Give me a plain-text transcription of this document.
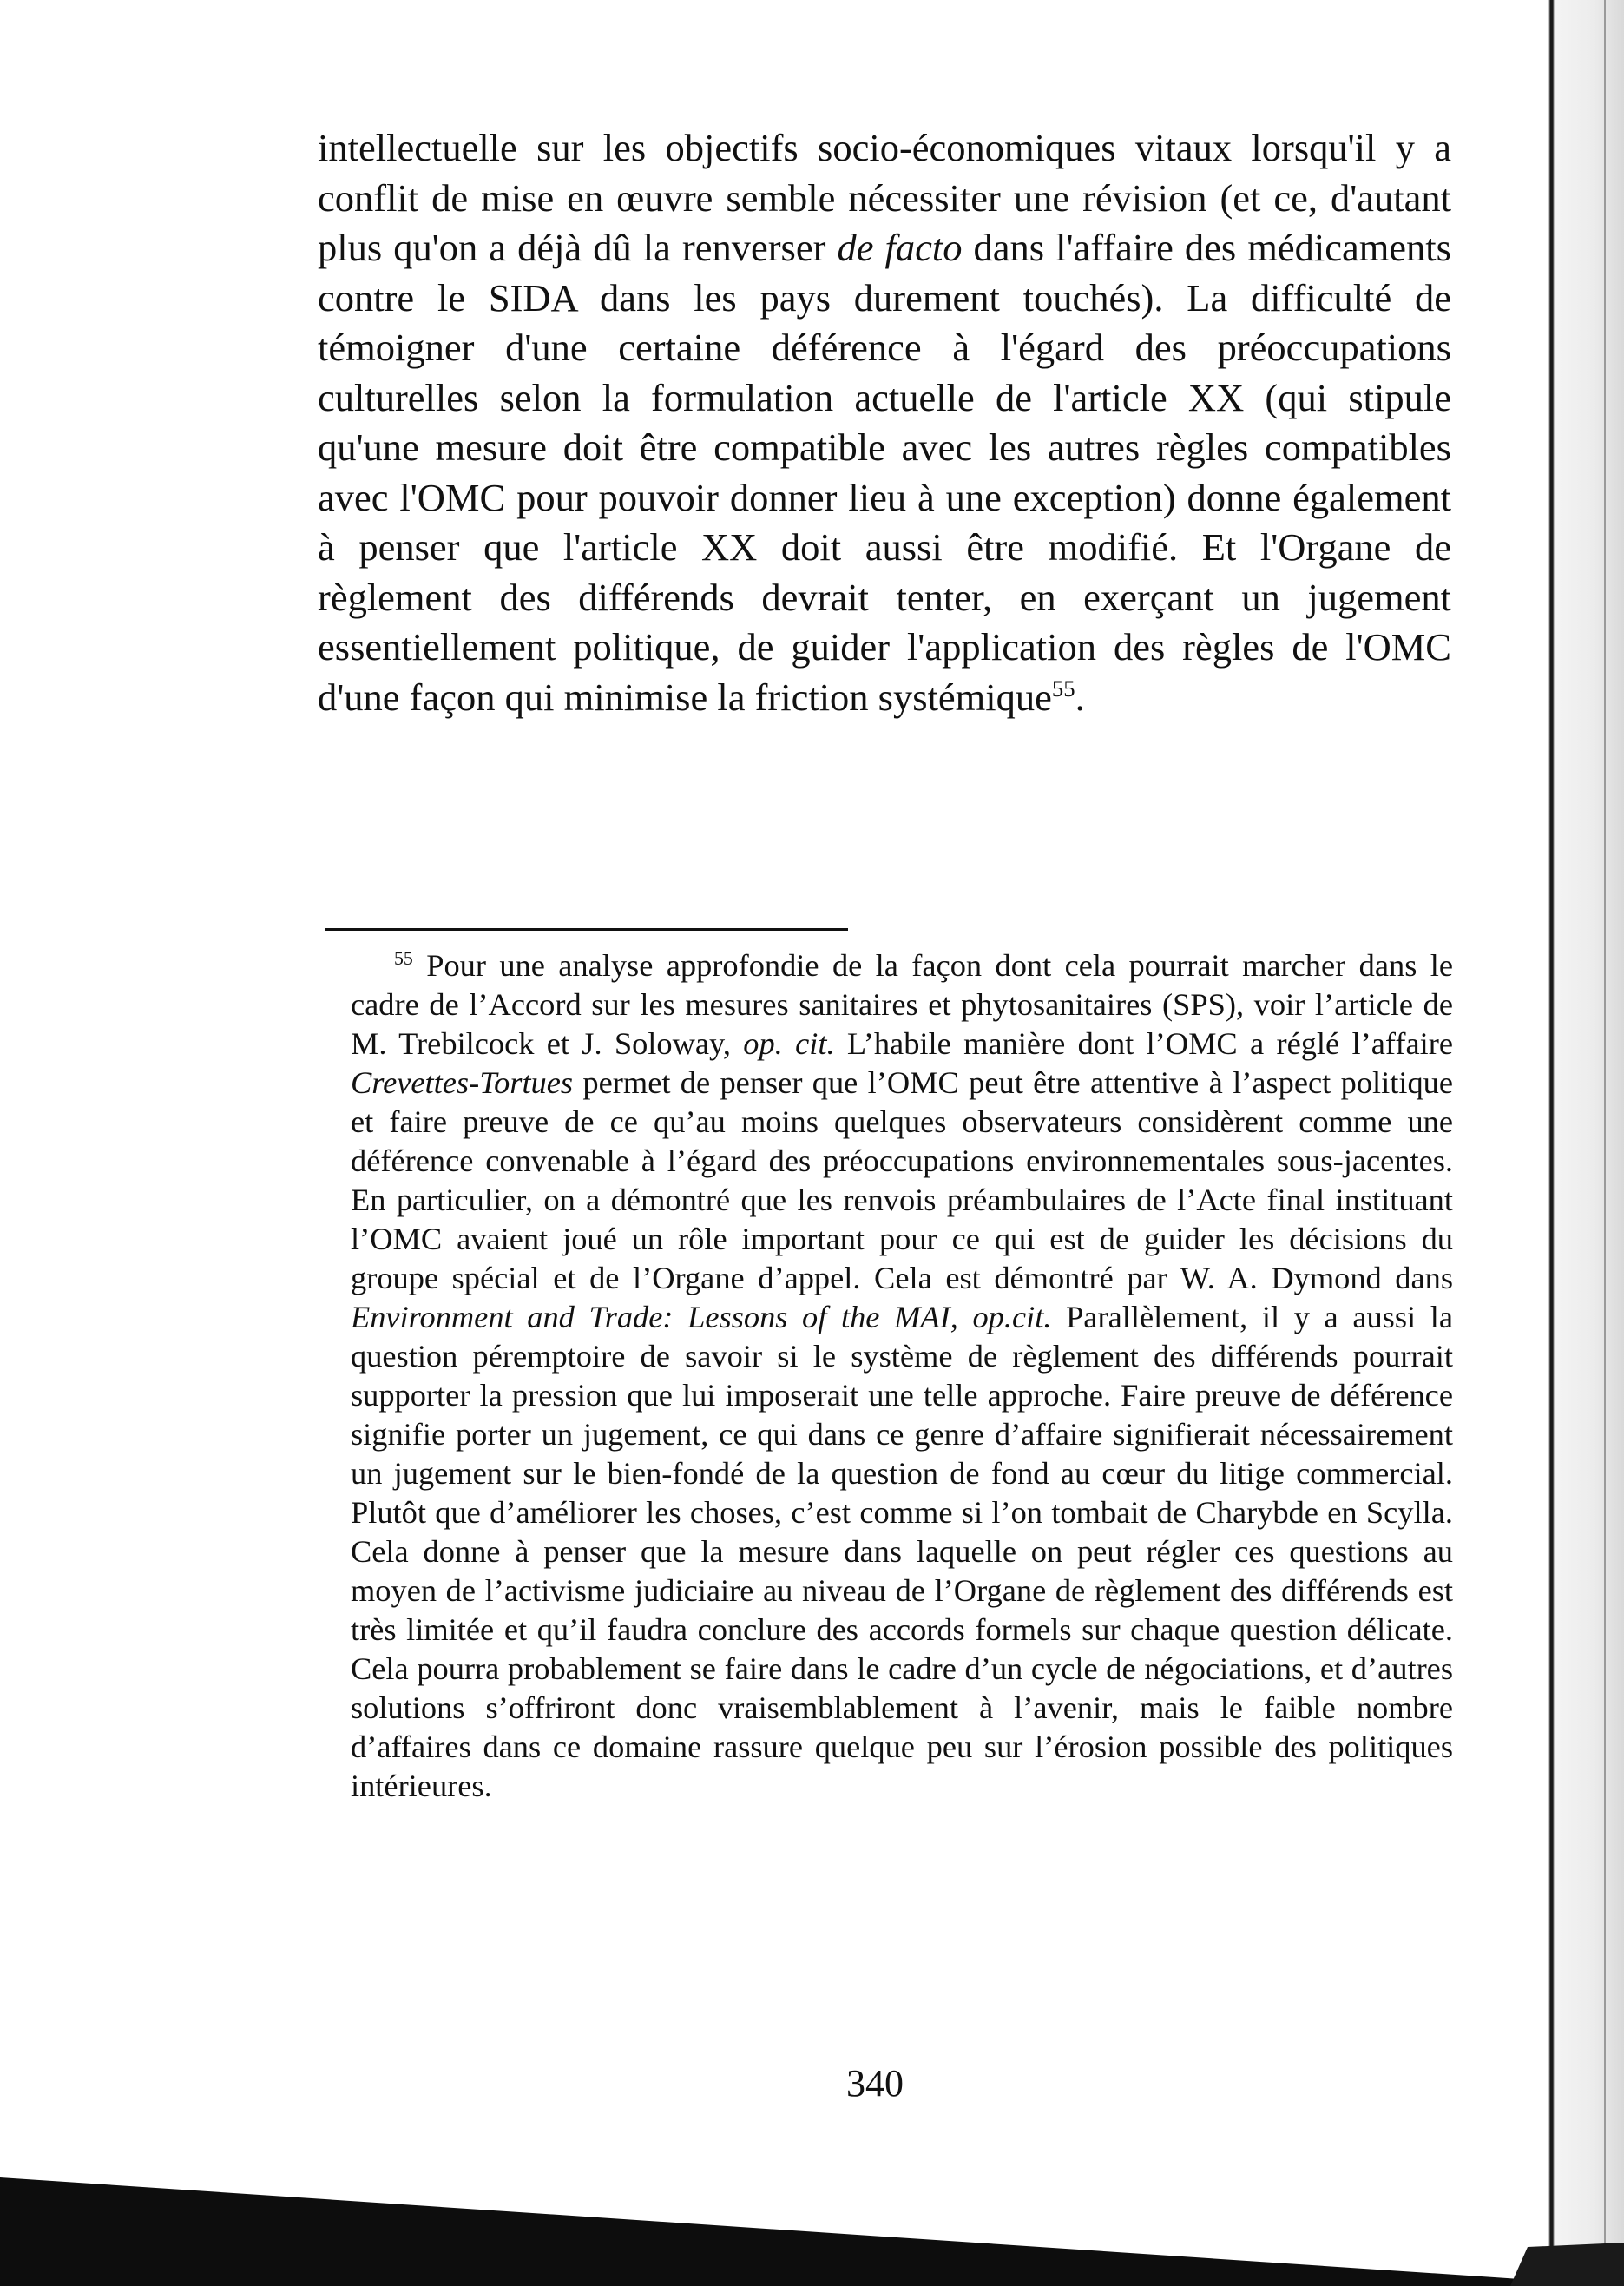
intellectuelle sur les objectifs socio-économiques vitaux lorsqu'il y a conflit de mise en œuvre semble nécessiter une révision (et ce, d'autant plus qu'on a déjà dû la renverser de facto dans l'affaire des médicaments contre le SIDA dans les pays durement touchés). La difficulté de témoigner d'une certaine déférence à l'égard des préoccupations culturelles selon la formulation actuelle de l'article XX (qui stipule qu'une mesure doit être compatible avec les autres règles compatibles avec l'OMC pour pouvoir donner lieu à une exception) donne également à penser que l'article XX doit aussi être modifié. Et l'Organe de règlement des différends devrait tenter, en exerçant un jugement essentiellement politique, de guider l'application des règles de l'OMC d'une façon qui minimise la friction systémique$^{55}$.

$^{55}$ Pour une analyse approfondie de la façon dont cela pourrait marcher dans le cadre de l’Accord sur les mesures sanitaires et phytosanitaires (SPS), voir l’article de M. Trebilcock et J. Soloway, op. cit. L’habile manière dont l’OMC a réglé l’affaire Crevettes-Tortues permet de penser que l’OMC peut être attentive à l’aspect politique et faire preuve de ce qu’au moins quelques observateurs considèrent comme une déférence convenable à l’égard des préoccupations environnementales sous-jacentes. En particulier, on a démontré que les renvois préambulaires de l’Acte final instituant l’OMC avaient joué un rôle important pour ce qui est de guider les décisions du groupe spécial et de l’Organe d’appel. Cela est démontré par W. A. Dymond dans Environment and Trade: Lessons of the MAI, op.cit. Parallèlement, il y a aussi la question péremptoire de savoir si le système de règlement des différends pourrait supporter la pression que lui imposerait une telle approche. Faire preuve de déférence signifie porter un jugement, ce qui dans ce genre d’affaire signifierait nécessairement un jugement sur le bien-fondé de la question de fond au cœur du litige commercial. Plutôt que d’améliorer les choses, c’est comme si l’on tombait de Charybde en Scylla. Cela donne à penser que la mesure dans laquelle on peut régler ces questions au moyen de l’activisme judiciaire au niveau de l’Organe de règlement des différends est très limitée et qu’il faudra conclure des accords formels sur chaque question délicate. Cela pourra probablement se faire dans le cadre d’un cycle de négociations, et d’autres solutions s’offriront donc vraisemblablement à l’avenir, mais le faible nombre d’affaires dans ce domaine rassure quelque peu sur l’érosion possible des politiques intérieures.

340
